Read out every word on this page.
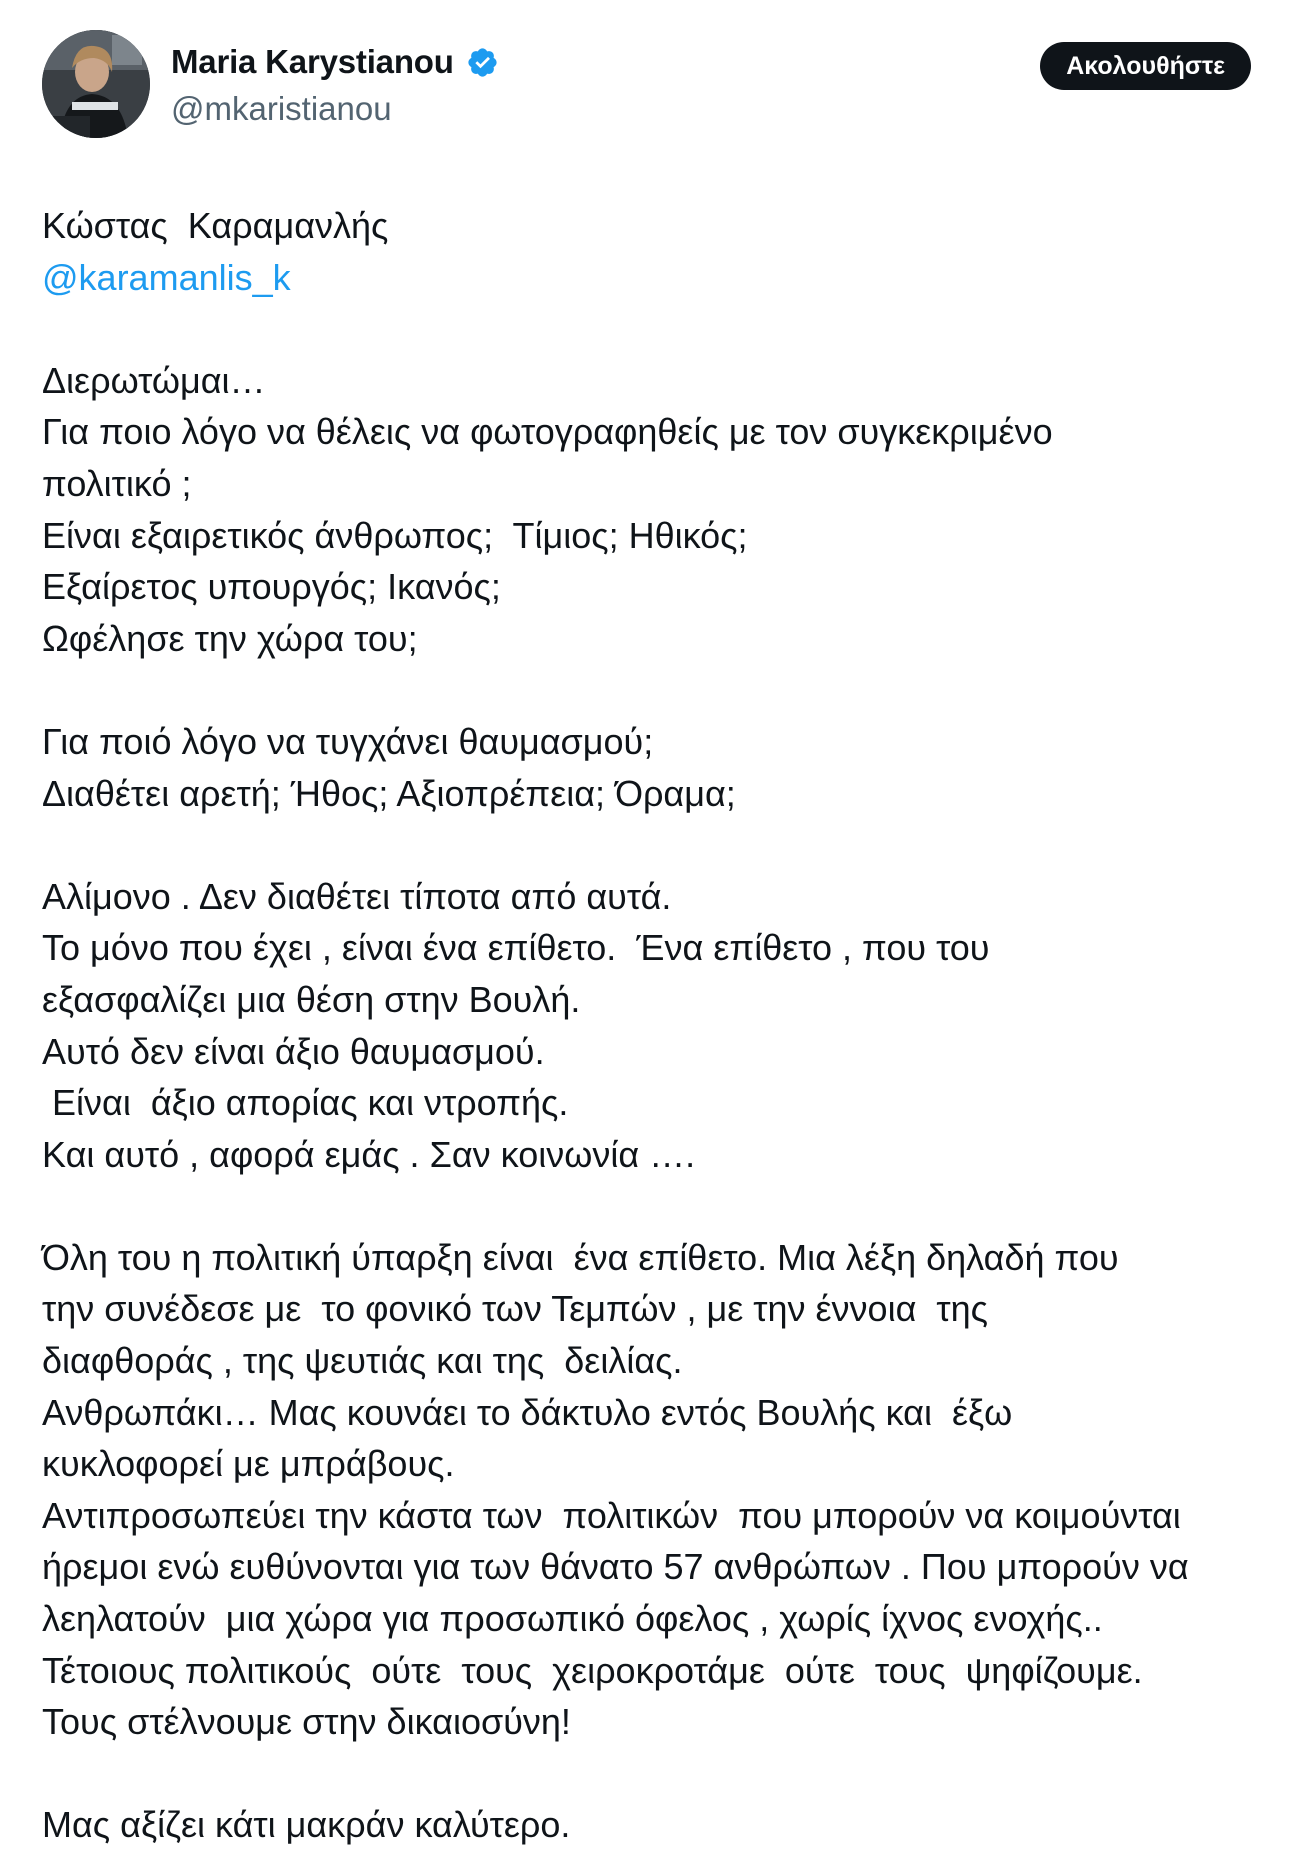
Maria Karystianou
@mkaristianou
Ακολουθήστε
Κώστας  Καραμανλής
@karamanlis_k
Διερωτώμαι…
Για ποιο λόγο να θέλεις να φωτογραφηθείς με τον συγκεκριμένο
πολιτικό ;
Είναι εξαιρετικός άνθρωπος;  Τίμιος; Ηθικός;
Εξαίρετος υπουργός; Ικανός;
Ωφέλησε την χώρα του;
Για ποιό λόγο να τυγχάνει θαυμασμού;
Διαθέτει αρετή; Ήθος; Αξιοπρέπεια; Όραμα;
Αλίμονο . Δεν διαθέτει τίποτα από αυτά.
Το μόνο που έχει , είναι ένα επίθετο.  Ένα επίθετο , που του
εξασφαλίζει μια θέση στην Βουλή.
Αυτό δεν είναι άξιο θαυμασμού.
Είναι  άξιο απορίας και ντροπής.
Και αυτό , αφορά εμάς . Σαν κοινωνία ….
Όλη του η πολιτική ύπαρξη είναι  ένα επίθετο. Μια λέξη δηλαδή που
την συνέδεσε με  το φονικό των Τεμπών , με την έννοια  της
διαφθοράς , της ψευτιάς και της  δειλίας.
Ανθρωπάκι… Μας κουνάει το δάκτυλο εντός Βουλής και  έξω
κυκλοφορεί με μπράβους.
Αντιπροσωπεύει την κάστα των  πολιτικών  που μπορούν να κοιμούνται
ήρεμοι ενώ ευθύνονται για των θάνατο 57 ανθρώπων . Που μπορούν να
λεηλατούν  μια χώρα για προσωπικό όφελος , χωρίς ίχνος ενοχής..
Τέτοιους πολιτικούς  ούτε  τους  χειροκροτάμε  ούτε  τους  ψηφίζουμε.
Τους στέλνουμε στην δικαιοσύνη!
Μας αξίζει κάτι μακράν καλύτερο.
